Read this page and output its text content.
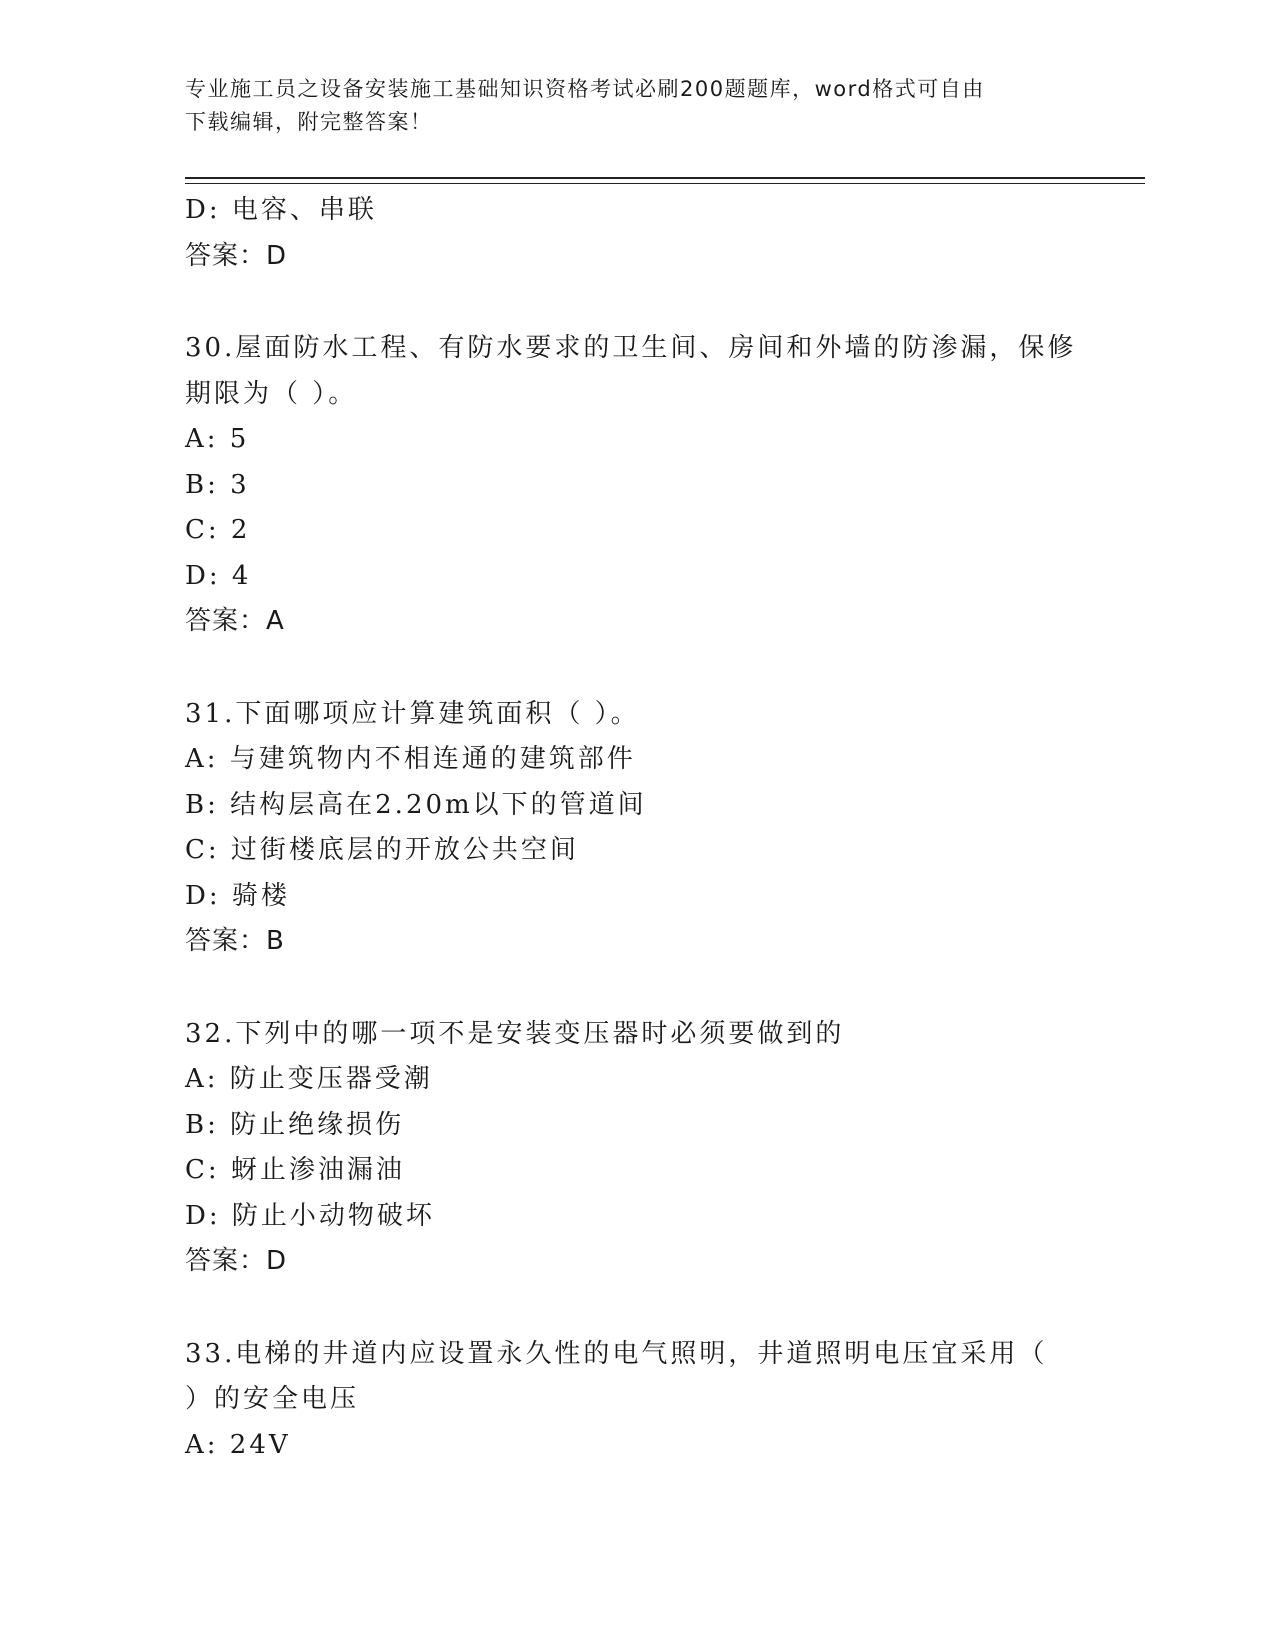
专业施工员之设备安装施工基础知识资格考试必刷200题题库，word格式可自由
下载编辑，附完整答案！
D: 电容、串联
答案：D
30.屋面防水工程、有防水要求的卫生间、房间和外墙的防渗漏，保修
期限为（ ）。
A: 5
B: 3
C: 2
D: 4
答案：A
31.下面哪项应计算建筑面积（ ）。
A: 与建筑物内不相连通的建筑部件
B: 结构层高在2.20m以下的管道间
C: 过街楼底层的开放公共空间
D: 骑楼
答案：B
32.下列中的哪一项不是安装变压器时必须要做到的
A: 防止变压器受潮
B: 防止绝缘损伤
C: 蚜止渗油漏油
D: 防止小动物破坏
答案：D
33.电梯的井道内应设置永久性的电气照明，井道照明电压宜采用（
）的安全电压
A: 24V
